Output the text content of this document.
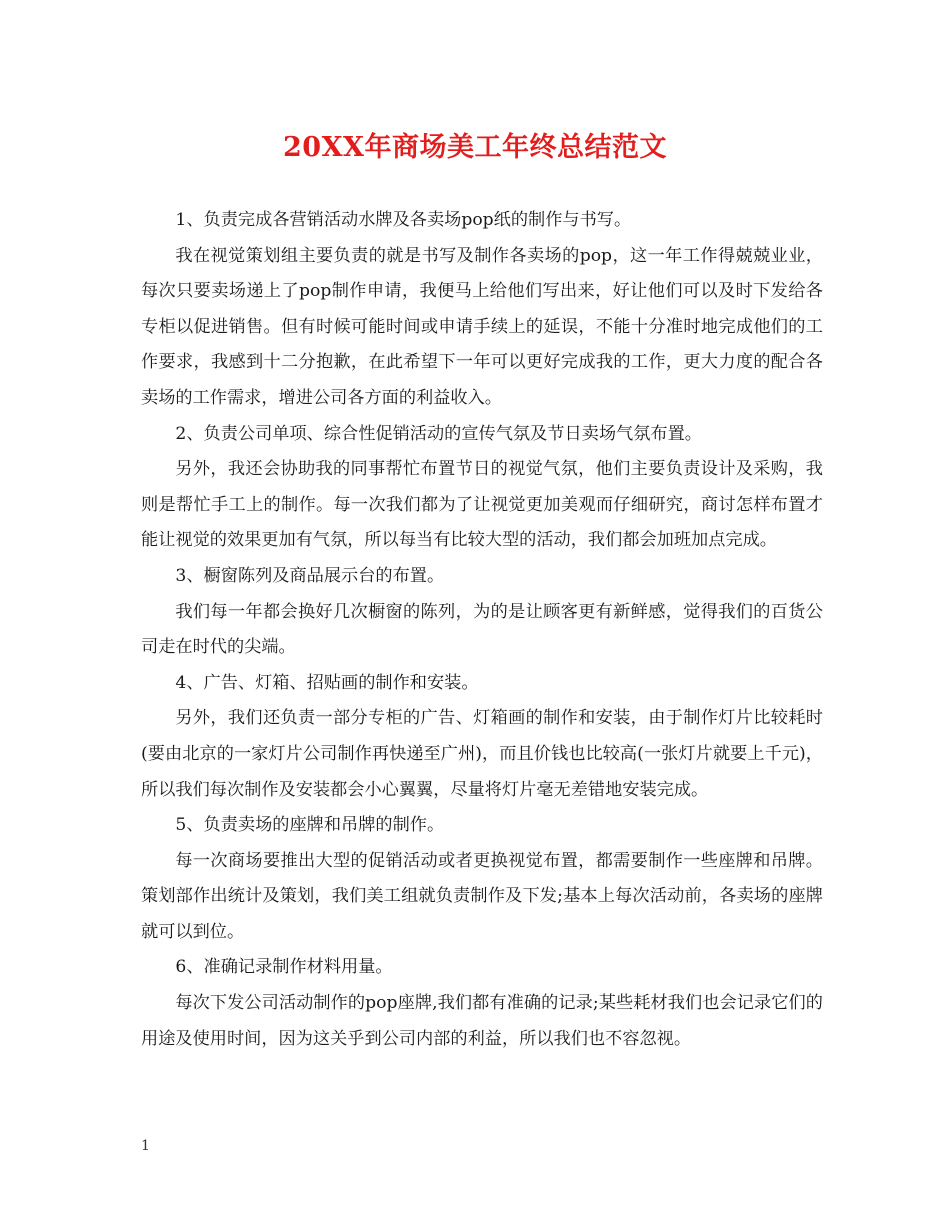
20XX年商场美工年终总结范文

1、负责完成各营销活动水牌及各卖场pop纸的制作与书写。

我在视觉策划组主要负责的就是书写及制作各卖场的pop，这一年工作得兢兢业业，每次只要卖场递上了pop制作申请，我便马上给他们写出来，好让他们可以及时下发给各专柜以促进销售。但有时候可能时间或申请手续上的延误，不能十分准时地完成他们的工作要求，我感到十二分抱歉，在此希望下一年可以更好完成我的工作，更大力度的配合各卖场的工作需求，增进公司各方面的利益收入。

2、负责公司单项、综合性促销活动的宣传气氛及节日卖场气氛布置。

另外，我还会协助我的同事帮忙布置节日的视觉气氛，他们主要负责设计及采购，我则是帮忙手工上的制作。每一次我们都为了让视觉更加美观而仔细研究，商讨怎样布置才能让视觉的效果更加有气氛，所以每当有比较大型的活动，我们都会加班加点完成。

3、橱窗陈列及商品展示台的布置。

我们每一年都会换好几次橱窗的陈列，为的是让顾客更有新鲜感，觉得我们的百货公司走在时代的尖端。

4、广告、灯箱、招贴画的制作和安装。

另外，我们还负责一部分专柜的广告、灯箱画的制作和安装，由于制作灯片比较耗时(要由北京的一家灯片公司制作再快递至广州)，而且价钱也比较高(一张灯片就要上千元)，所以我们每次制作及安装都会小心翼翼，尽量将灯片毫无差错地安装完成。

5、负责卖场的座牌和吊牌的制作。

每一次商场要推出大型的促销活动或者更换视觉布置，都需要制作一些座牌和吊牌。策划部作出统计及策划，我们美工组就负责制作及下发;基本上每次活动前，各卖场的座牌就可以到位。

6、准确记录制作材料用量。

每次下发公司活动制作的pop座牌,我们都有准确的记录;某些耗材我们也会记录它们的用途及使用时间，因为这关乎到公司内部的利益，所以我们也不容忽视。

1
